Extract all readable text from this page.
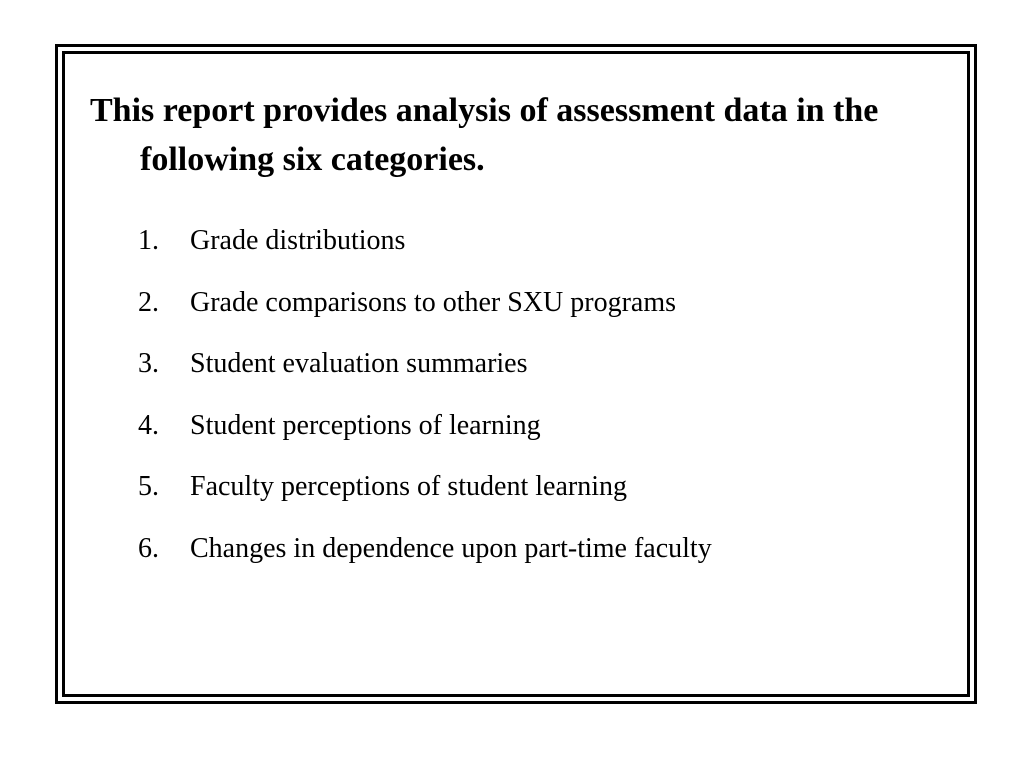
This report provides analysis of assessment data in the following six categories.

1.	Grade distributions
2.	Grade comparisons to other SXU programs
3.	Student evaluation summaries
4.	Student perceptions of learning
5.	Faculty perceptions of student learning
6.	Changes in dependence upon part-time faculty
